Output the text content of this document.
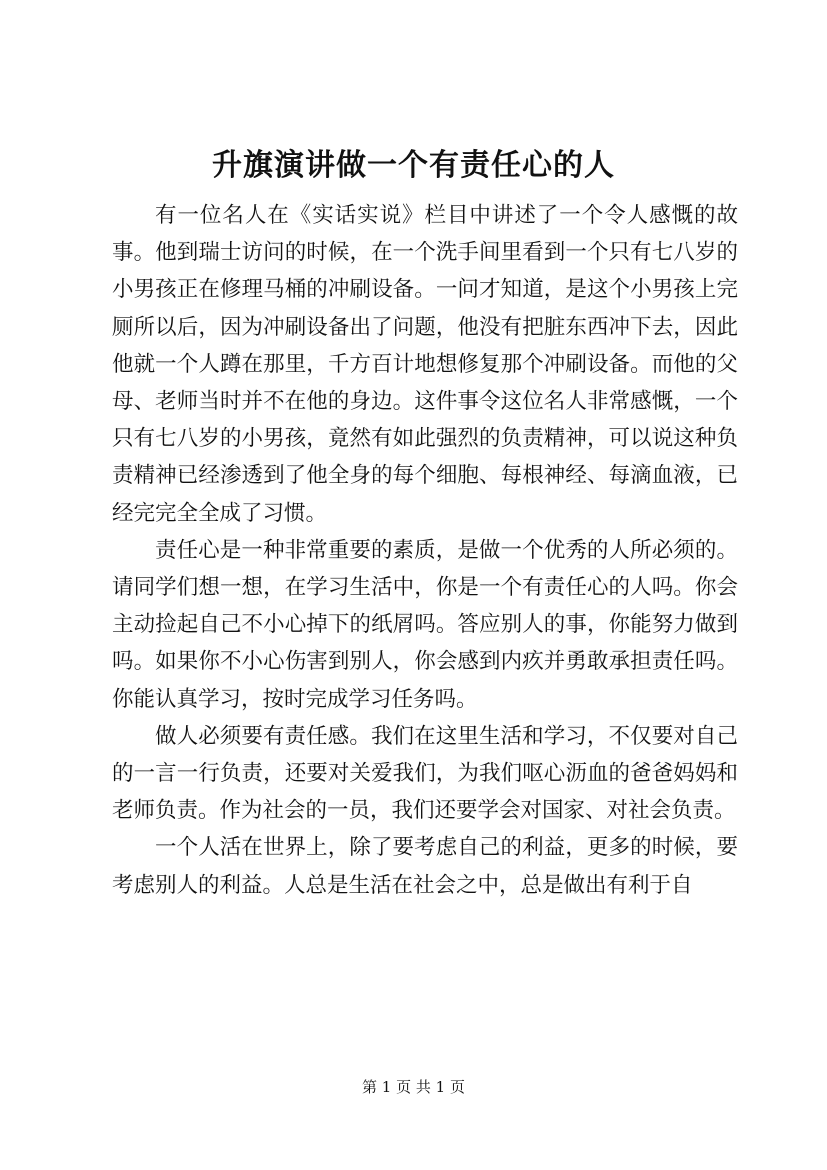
升旗演讲做一个有责任心的人

有一位名人在《实话实说》栏目中讲述了一个令人感慨的故事。他到瑞士访问的时候，在一个洗手间里看到一个只有七八岁的小男孩正在修理马桶的冲刷设备。一问才知道，是这个小男孩上完厕所以后，因为冲刷设备出了问题，他没有把脏东西冲下去，因此他就一个人蹲在那里，千方百计地想修复那个冲刷设备。而他的父母、老师当时并不在他的身边。这件事令这位名人非常感慨，一个只有七八岁的小男孩，竟然有如此强烈的负责精神，可以说这种负责精神已经渗透到了他全身的每个细胞、每根神经、每滴血液，已经完完全全成了习惯。

责任心是一种非常重要的素质，是做一个优秀的人所必须的。请同学们想一想，在学习生活中，你是一个有责任心的人吗。你会主动捡起自己不小心掉下的纸屑吗。答应别人的事，你能努力做到吗。如果你不小心伤害到别人，你会感到内疚并勇敢承担责任吗。你能认真学习，按时完成学习任务吗。

做人必须要有责任感。我们在这里生活和学习，不仅要对自己的一言一行负责，还要对关爱我们，为我们呕心沥血的爸爸妈妈和老师负责。作为社会的一员，我们还要学会对国家、对社会负责。

一个人活在世界上，除了要考虑自己的利益，更多的时候，要考虑别人的利益。人总是生活在社会之中，总是做出有利于自

第 1 页 共 1 页
